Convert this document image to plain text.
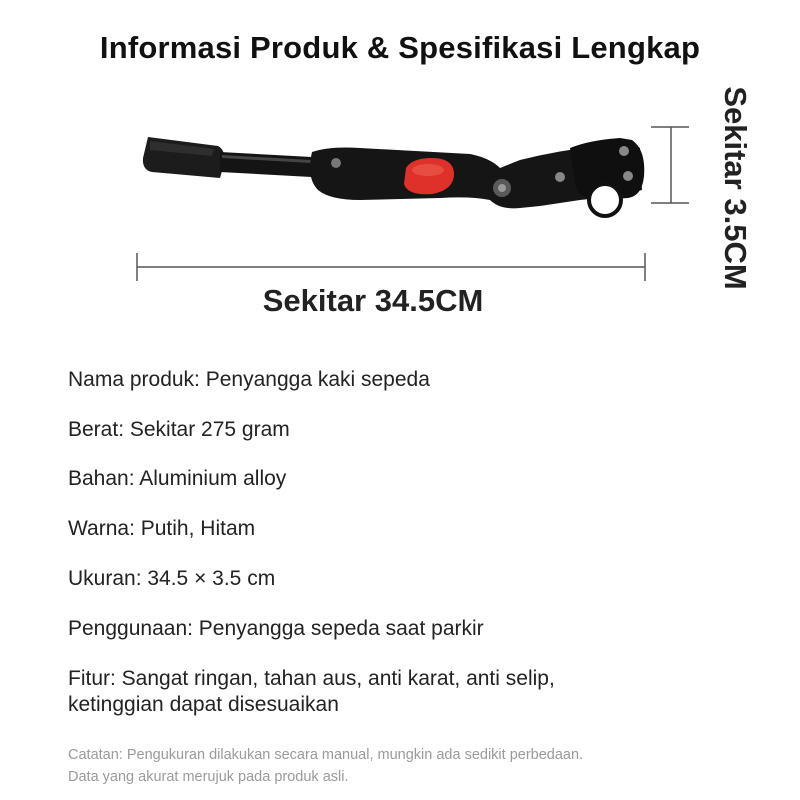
Informasi Produk & Spesifikasi Lengkap
Sekitar 3.5CM
Sekitar 34.5CM
Nama produk: Penyangga kaki sepeda
Berat: Sekitar 275 gram
Bahan: Aluminium alloy
Warna: Putih, Hitam
Ukuran: 34.5 × 3.5 cm
Penggunaan: Penyangga sepeda saat parkir
Fitur: Sangat ringan, tahan aus, anti karat, anti selip,
ketinggian dapat disesuaikan
Catatan: Pengukuran dilakukan secara manual, mungkin ada sedikit perbedaan.
Data yang akurat merujuk pada produk asli.
